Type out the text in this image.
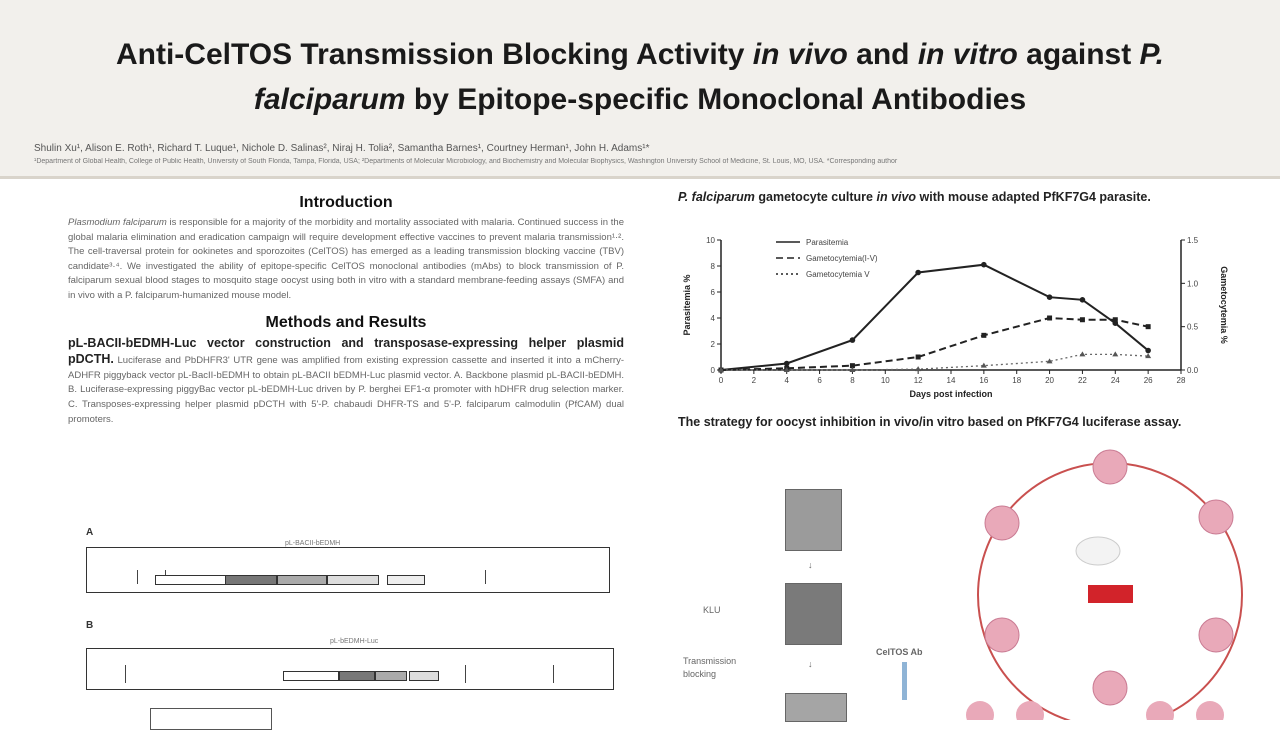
Anti-CelTOS Transmission Blocking Activity in vivo and in vitro against P. falciparum by Epitope-specific Monoclonal Antibodies
Shulin Xu¹, Alison E. Roth¹, Richard T. Luque¹, Nichole D. Salinas², Niraj H. Tolia², Samantha Barnes¹, Courtney Herman¹, John H. Adams¹*
¹Department of Global Health, College of Public Health, University of South Florida, Tampa, Florida, USA; ²Departments of Molecular Microbiology, and Biochemistry and Molecular Biophysics, Washington University School of Medicine, St. Louis, MO, USA. *Corresponding author
Introduction
Plasmodium falciparum is responsible for a majority of the morbidity and mortality associated with malaria. Continued success in the global malaria elimination and eradication campaign will require development effective vaccines to prevent malaria transmission¹·². The cell-traversal protein for ookinetes and sporozoites (CelTOS) has emerged as a leading transmission blocking vaccine (TBV) candidate³·⁴. We investigated the ability of epitope-specific CelTOS monoclonal antibodies (mAbs) to block transmission of P. falciparum sexual blood stages to mosquito stage oocyst using both in vitro with a standard membrane-feeding assays (SMFA) and in vivo with a P. falciparum-humanized mouse model.
Methods and Results
pL-BACII-bEDMH-Luc vector construction and transposase-expressing helper plasmid pDCTH. Luciferase and PbDHFR3' UTR gene was amplified from existing expression cassette and inserted it into a mCherry-ADHFR piggyback vector pL-BacII-bEDMH to obtain pL-BACII bEDMH-Luc plasmid vector. A. Backbone plasmid pL-BACII-bEDMH. B. Luciferase-expressing piggyBac vector pL-bEDMH-Luc driven by P. berghei EF1-α promoter with hDHFR drug selection marker. C. Transposes-expressing helper plasmid pDCTH with 5'-P. chabaudi DHFR-TS and 5'-P. falciparum calmodulin (PfCAM) dual promoters.
A
pL-BACII-bEDMH
B
pL-bEDMH-Luc
P. falciparum gametocyte culture in vivo with mouse adapted PfKF7G4 parasite.
0	2	4	6	8	10	12	14	16	18	20	22	24	26	28
0
2
4
6
8
10
0.0
0.5
1.0
1.5
Days post infection
Parasitemia %	Gametocytemia %
Parasitemia
Gametocytemia(I-V)
Gametocytemia V
The strategy for oocyst inhibition in vivo/in vitro based on PfKF7G4 luciferase assay.
↓
KLU
Transmission blocking
↓
CelTOS Ab
